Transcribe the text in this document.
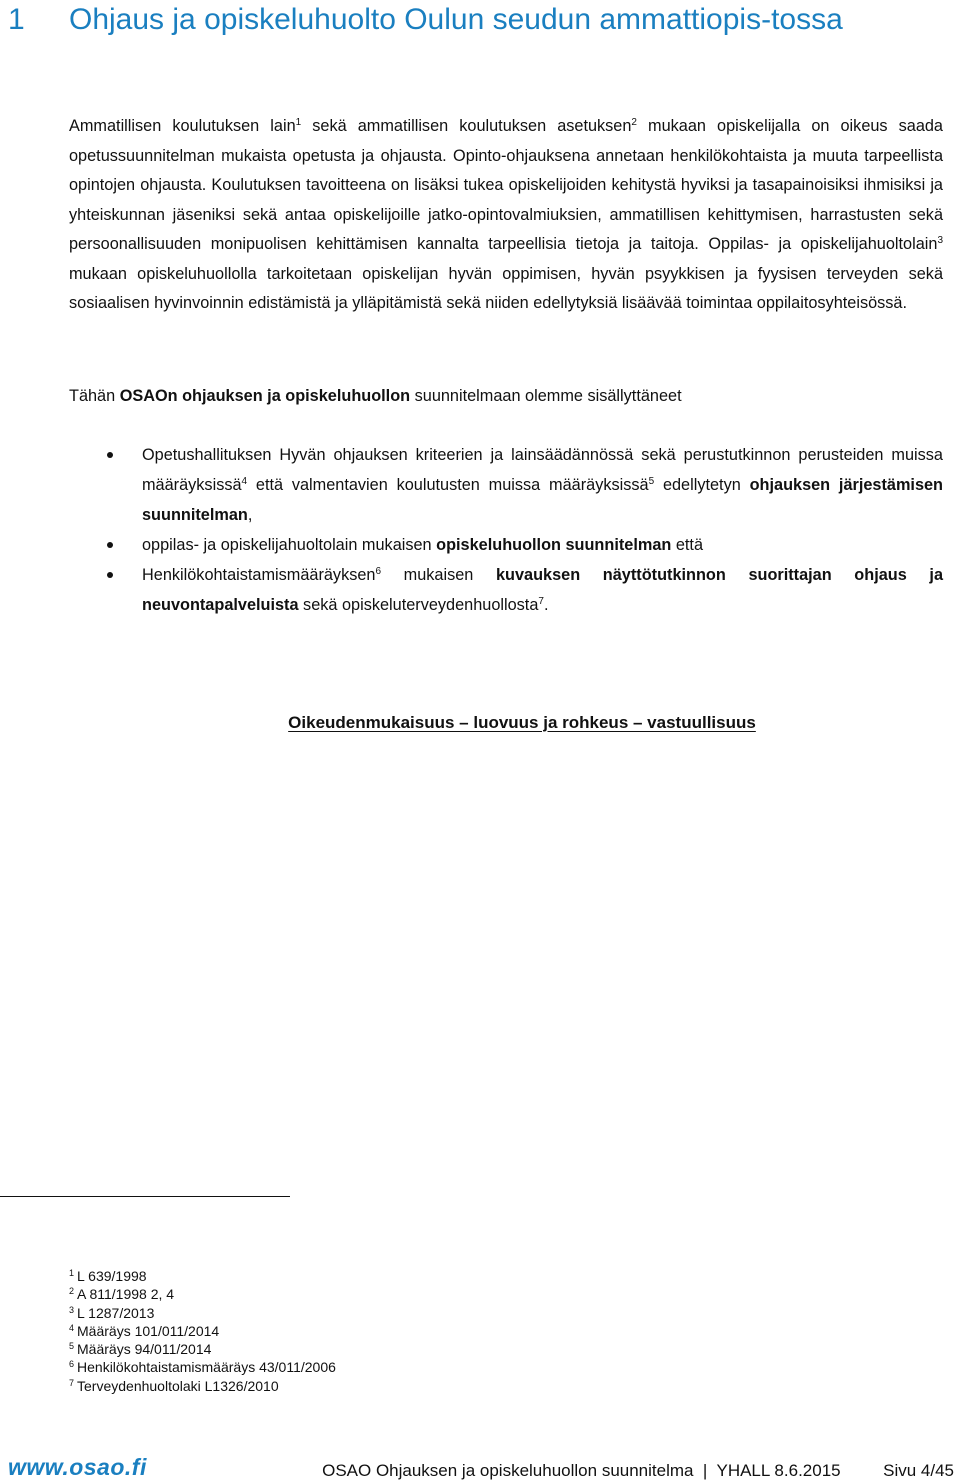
1 Ohjaus ja opiskeluhuolto Oulun seudun ammattiopis-tossa
Ammatillisen koulutuksen lain$^1$ sekä ammatillisen koulutuksen asetuksen$^2$ mukaan opiskelijalla on oikeus saada opetussuunnitelman mukaista opetusta ja ohjausta. Opinto-ohjauksena annetaan henkilökohtaista ja muuta tarpeellista opintojen ohjausta. Koulutuksen tavoitteena on lisäksi tukea opiskelijoiden kehitystä hyviksi ja tasapainoisiksi ihmisiksi ja yhteiskunnan jäseniksi sekä antaa opiskelijoille jatko-opintovalmiuksien, ammatillisen kehittymisen, harrastusten sekä persoonallisuuden monipuolisen kehittämisen kannalta tarpeellisia tietoja ja taitoja. Oppilas- ja opiskelijahuoltolain$^3$ mukaan opiskeluhuollolla tarkoitetaan opiskelijan hyvän oppimisen, hyvän psyykkisen ja fyysisen terveyden sekä sosiaalisen hyvinvoinnin edistämistä ja ylläpitämistä sekä niiden edellytyksiä lisäävää toimintaa oppilaitosyhteisössä.
Tähän OSAOn ohjauksen ja opiskeluhuollon suunnitelmaan olemme sisällyttäneet
Opetushallituksen Hyvän ohjauksen kriteerien ja lainsäädännössä sekä perustutkinnon perusteiden muissa määräyksissä$^4$ että valmentavien koulutusten muissa määräyksissä$^5$ edellytetyn ohjauksen järjestämisen suunnitelman,
oppilas- ja opiskelijahuoltolain mukaisen opiskeluhuollon suunnitelman että
Henkilökohtaistamismääräyksen$^6$ mukaisen kuvauksen näyttötutkinnon suorittajan ohjaus ja neuvontapalveluista sekä opiskeluterveydenhuollosta$^7$.
Oikeudenmukaisuus – luovuus ja rohkeus – vastuullisuus
$^1$ L 639/1998
$^2$ A 811/1998 2, 4
$^3$ L 1287/2013
$^4$ Määräys 101/011/2014
$^5$ Määräys 94/011/2014
$^6$ Henkilökohtaistamismääräys 43/011/2006
$^7$ Terveydenhuoltolaki L1326/2010
www.osao.fi	OSAO Ohjauksen ja opiskeluhuollon suunnitelma  |  YHALL 8.6.2015         Sivu 4/45
